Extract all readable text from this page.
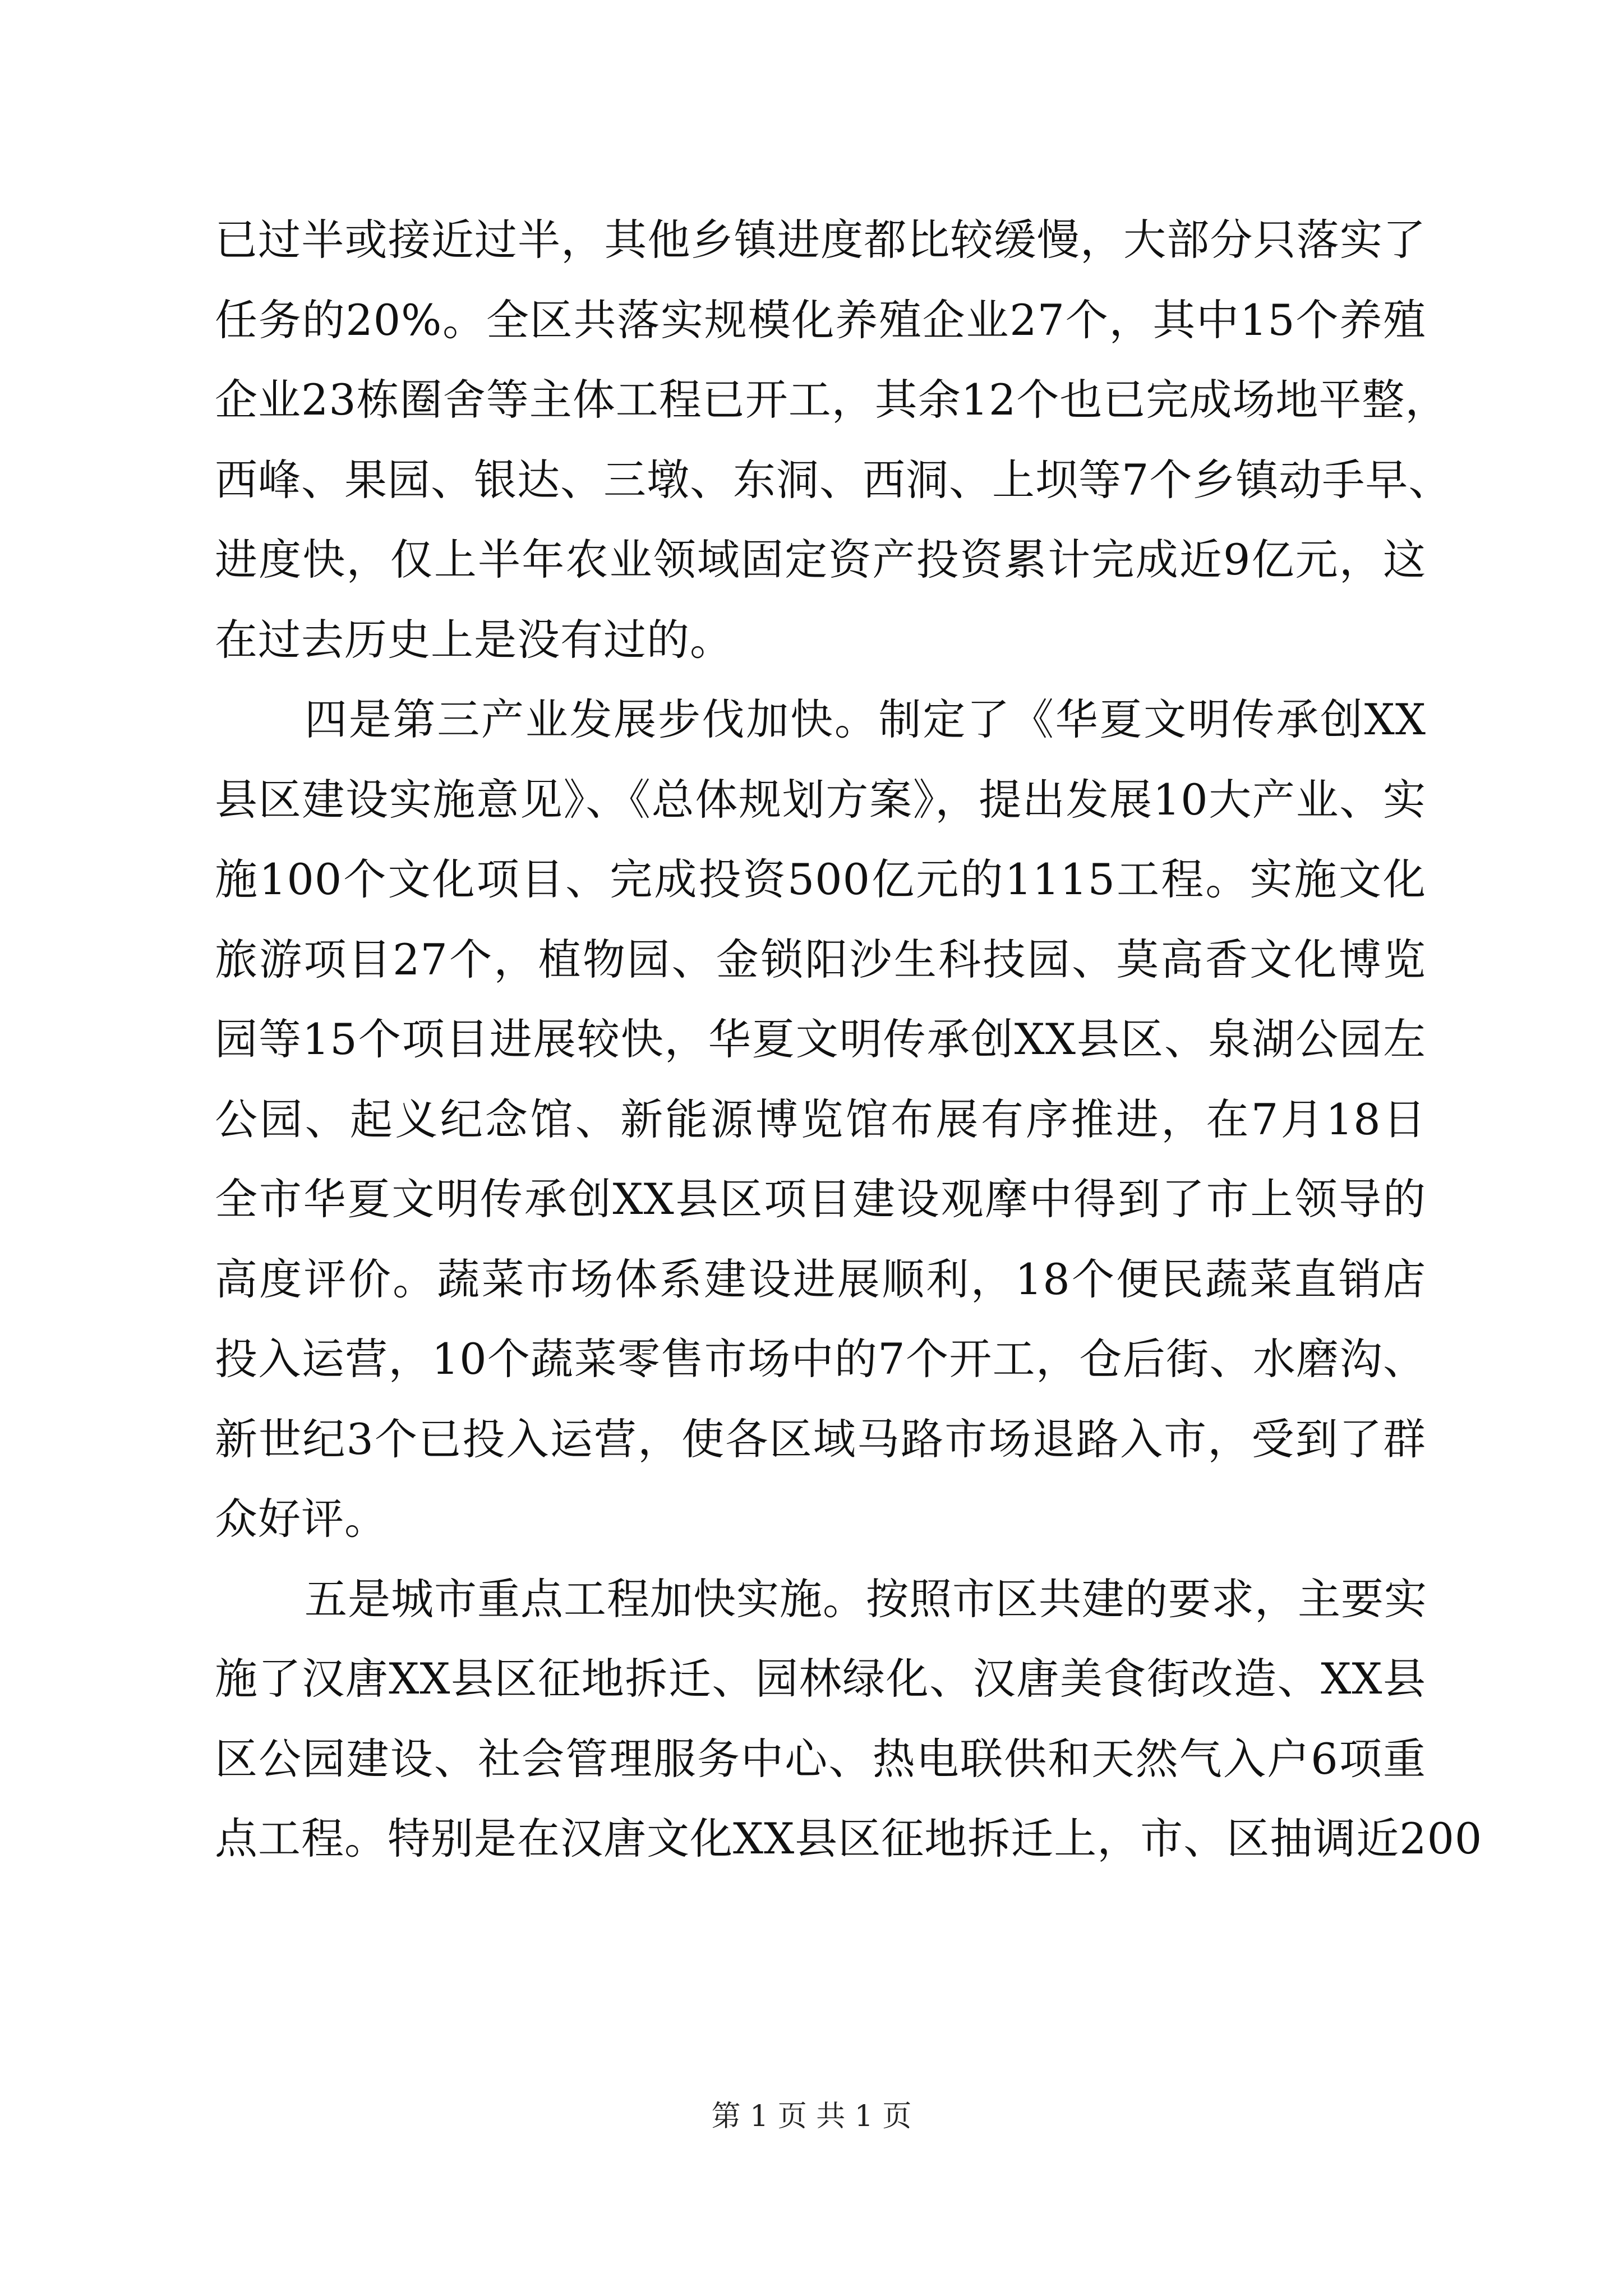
已过半或接近过半，其他乡镇进度都比较缓慢，大部分只落实了
任务的20%。全区共落实规模化养殖企业27个，其中15个养殖
企业23栋圈舍等主体工程已开工，其余12个也已完成场地平整，
西峰、果园、银达、三墩、东洞、西洞、上坝等7个乡镇动手早、
进度快，仅上半年农业领域固定资产投资累计完成近9亿元，这
在过去历史上是没有过的。
四是第三产业发展步伐加快。制定了《华夏文明传承创XX
县区建设实施意见》、《总体规划方案》，提出发展10大产业、实
施100个文化项目、完成投资500亿元的1115工程。实施文化
旅游项目27个，植物园、金锁阳沙生科技园、莫高香文化博览
园等15个项目进展较快，华夏文明传承创XX县区、泉湖公园左
公园、起义纪念馆、新能源博览馆布展有序推进，在7月18日
全市华夏文明传承创XX县区项目建设观摩中得到了市上领导的
高度评价。蔬菜市场体系建设进展顺利，18个便民蔬菜直销店
投入运营，10个蔬菜零售市场中的7个开工，仓后街、水磨沟、
新世纪3个已投入运营，使各区域马路市场退路入市，受到了群
众好评。
五是城市重点工程加快实施。按照市区共建的要求，主要实
施了汉唐XX县区征地拆迁、园林绿化、汉唐美食街改造、XX县
区公园建设、社会管理服务中心、热电联供和天然气入户6项重
点工程。特别是在汉唐文化XX县区征地拆迁上，市、区抽调近200
第 1 页 共 1 页
